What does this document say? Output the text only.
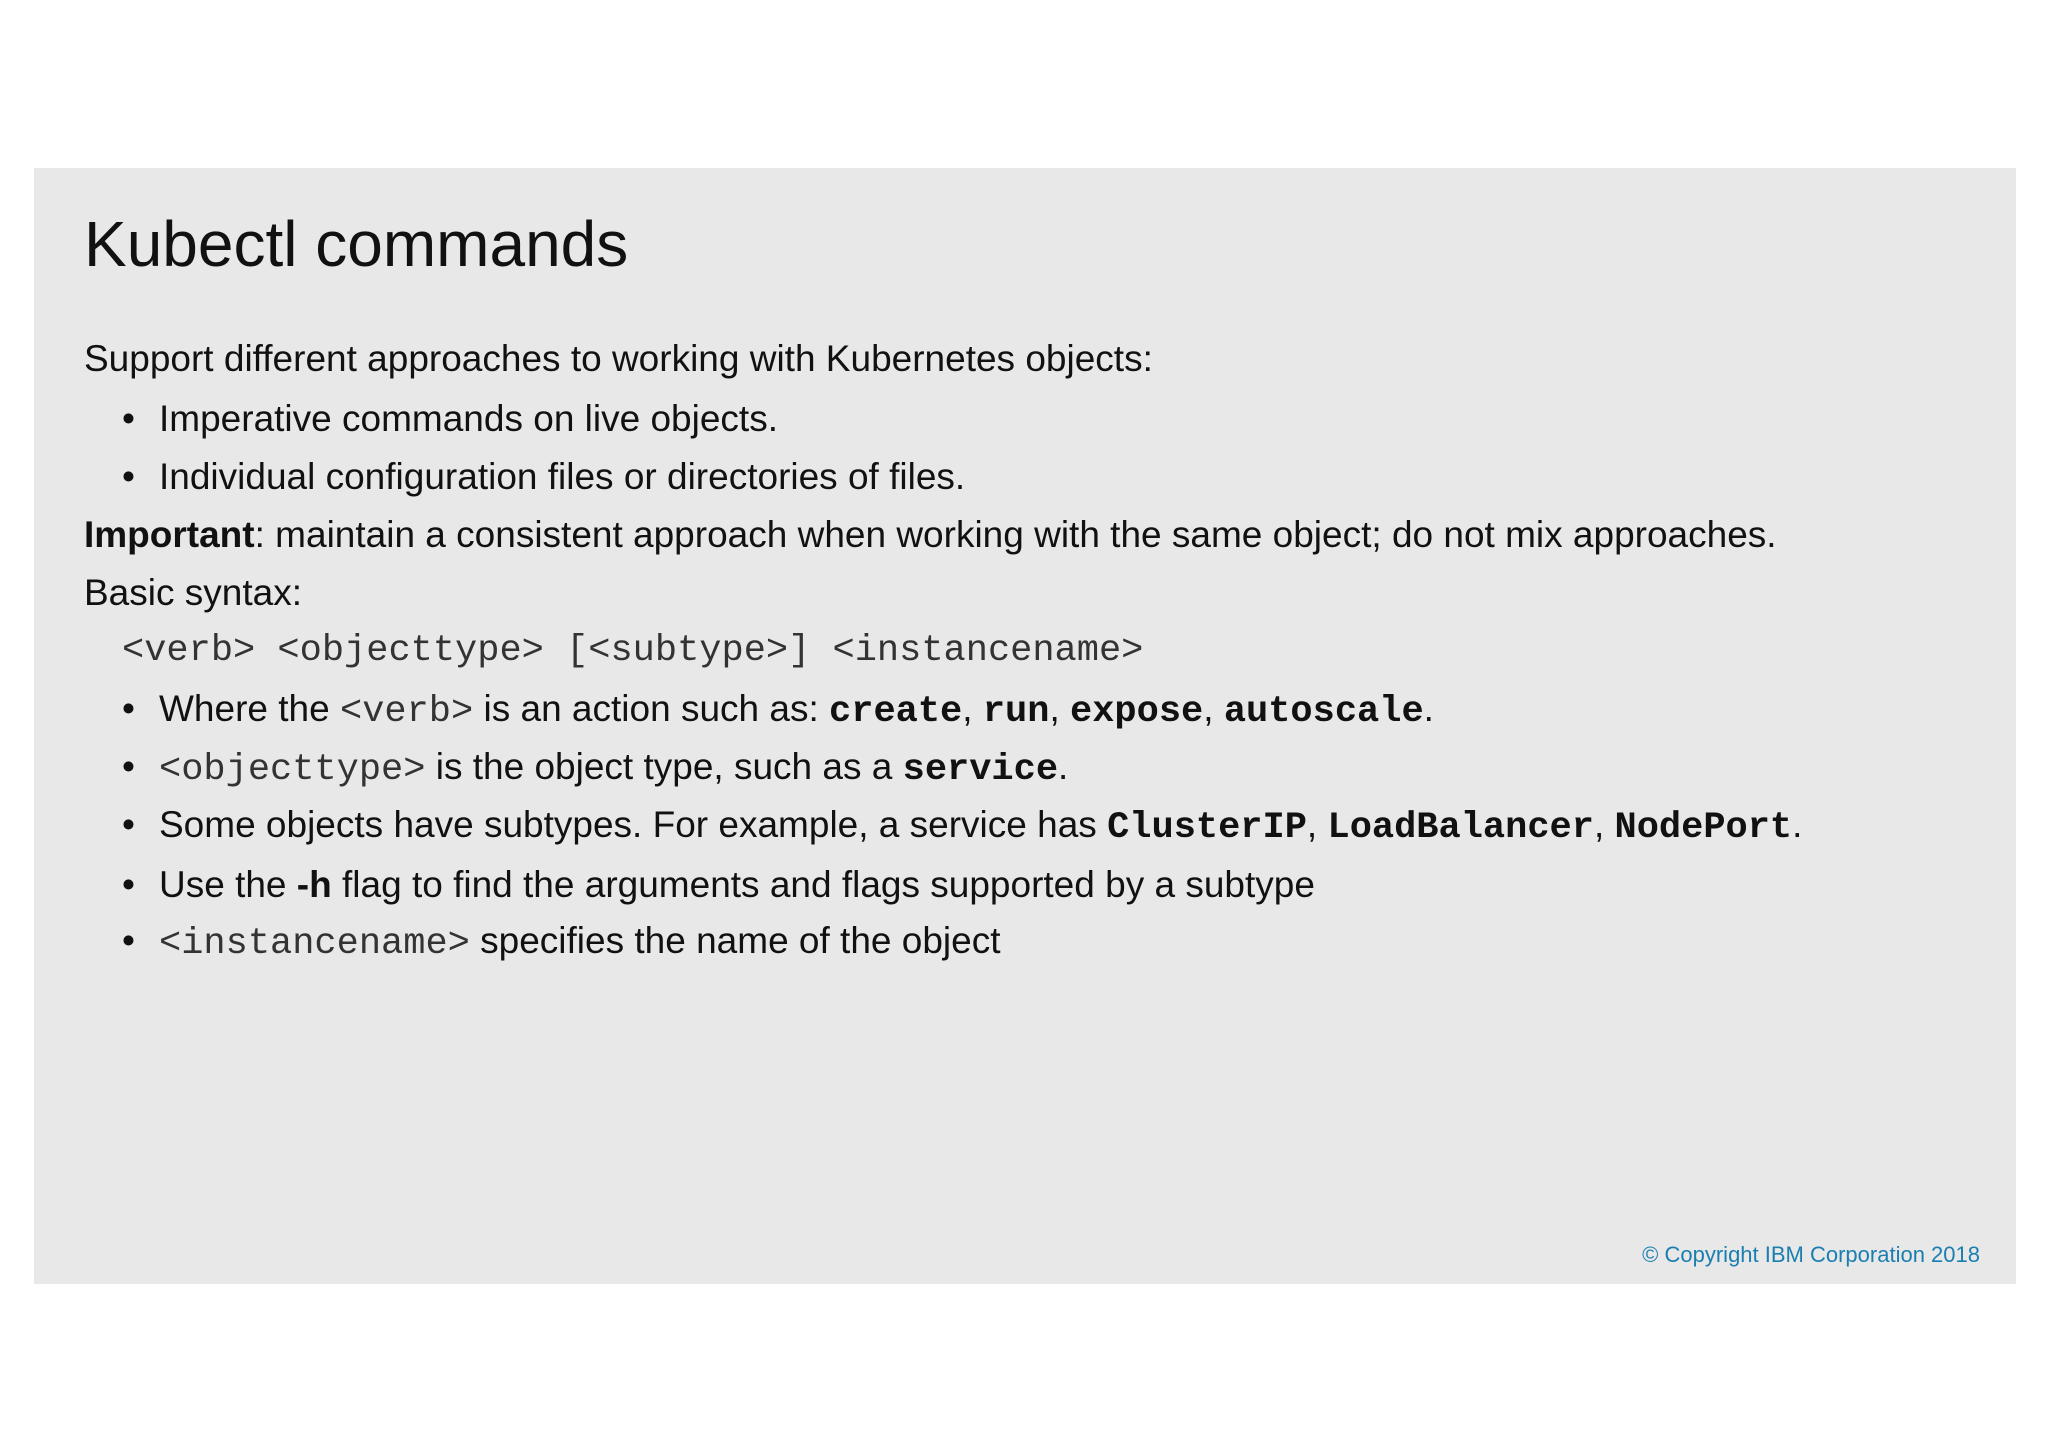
Kubectl commands
Support different approaches to working with Kubernetes objects:
• Imperative commands on live objects.
• Individual configuration files or directories of files.
Important: maintain a consistent approach when working with the same object; do not mix approaches.
Basic syntax:
<verb> <objecttype> [<subtype>] <instancename>
• Where the <verb> is an action such as: create, run, expose, autoscale.
• <objecttype> is the object type, such as a service.
• Some objects have subtypes. For example, a service has ClusterIP, LoadBalancer, NodePort.
• Use the -h flag to find the arguments and flags supported by a subtype
• <instancename> specifies the name of the object
© Copyright IBM Corporation 2018
